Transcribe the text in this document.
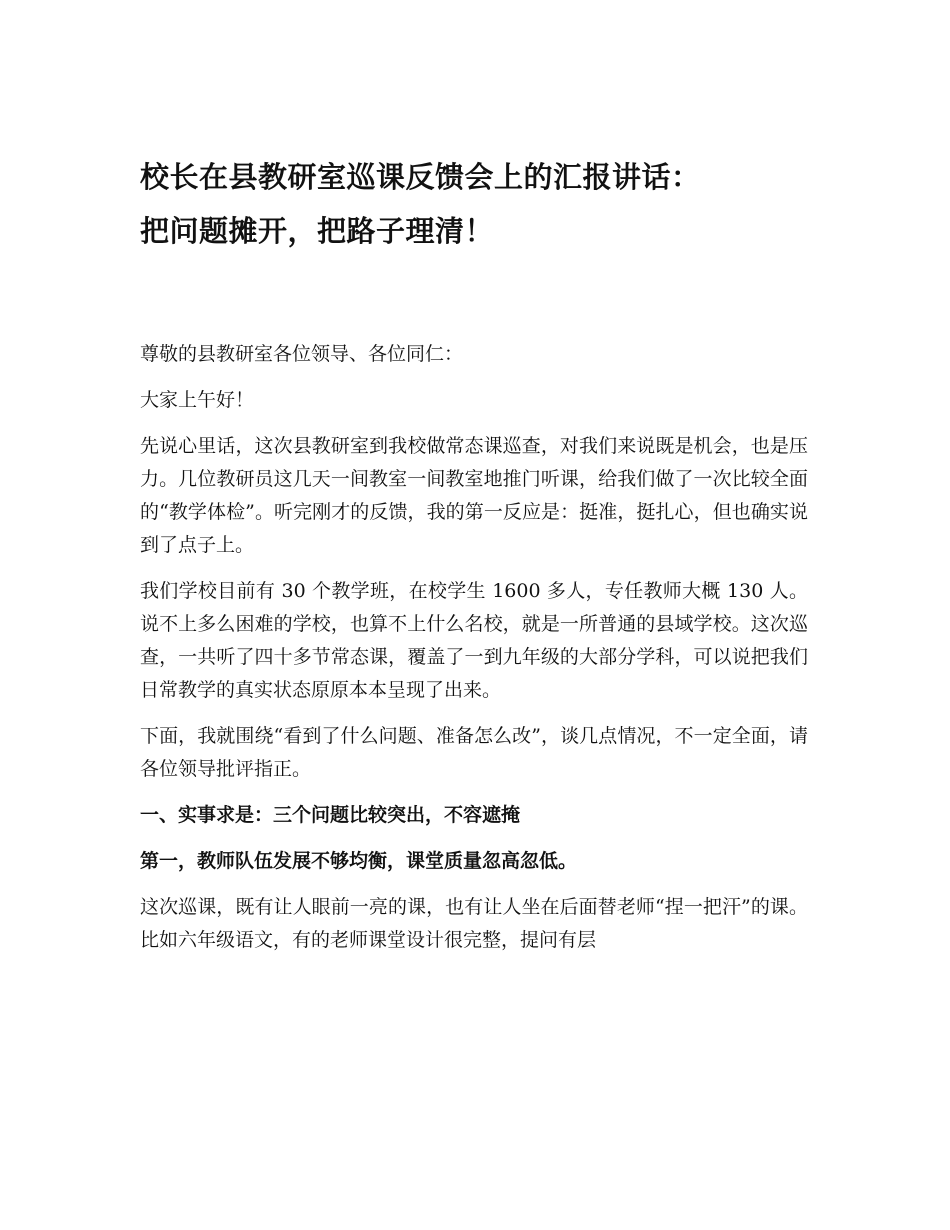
校长在县教研室巡课反馈会上的汇报讲话：
把问题摊开，把路子理清！

尊敬的县教研室各位领导、各位同仁：

大家上午好！

先说心里话，这次县教研室到我校做常态课巡查，对我们来说既是机会，也是压力。几位教研员这几天一间教室一间教室地推门听课，给我们做了一次比较全面的“教学体检”。听完刚才的反馈，我的第一反应是：挺准，挺扎心，但也确实说到了点子上。

我们学校目前有 30 个教学班，在校学生 1600 多人，专任教师大概 130 人。说不上多么困难的学校，也算不上什么名校，就是一所普通的县域学校。这次巡查，一共听了四十多节常态课，覆盖了一到九年级的大部分学科，可以说把我们日常教学的真实状态原原本本呈现了出来。

下面，我就围绕“看到了什么问题、准备怎么改”，谈几点情况，不一定全面，请各位领导批评指正。

一、实事求是：三个问题比较突出，不容遮掩

第一，教师队伍发展不够均衡，课堂质量忽高忽低。

这次巡课，既有让人眼前一亮的课，也有让人坐在后面替老师“捏一把汗”的课。比如六年级语文，有的老师课堂设计很完整，提问有层
